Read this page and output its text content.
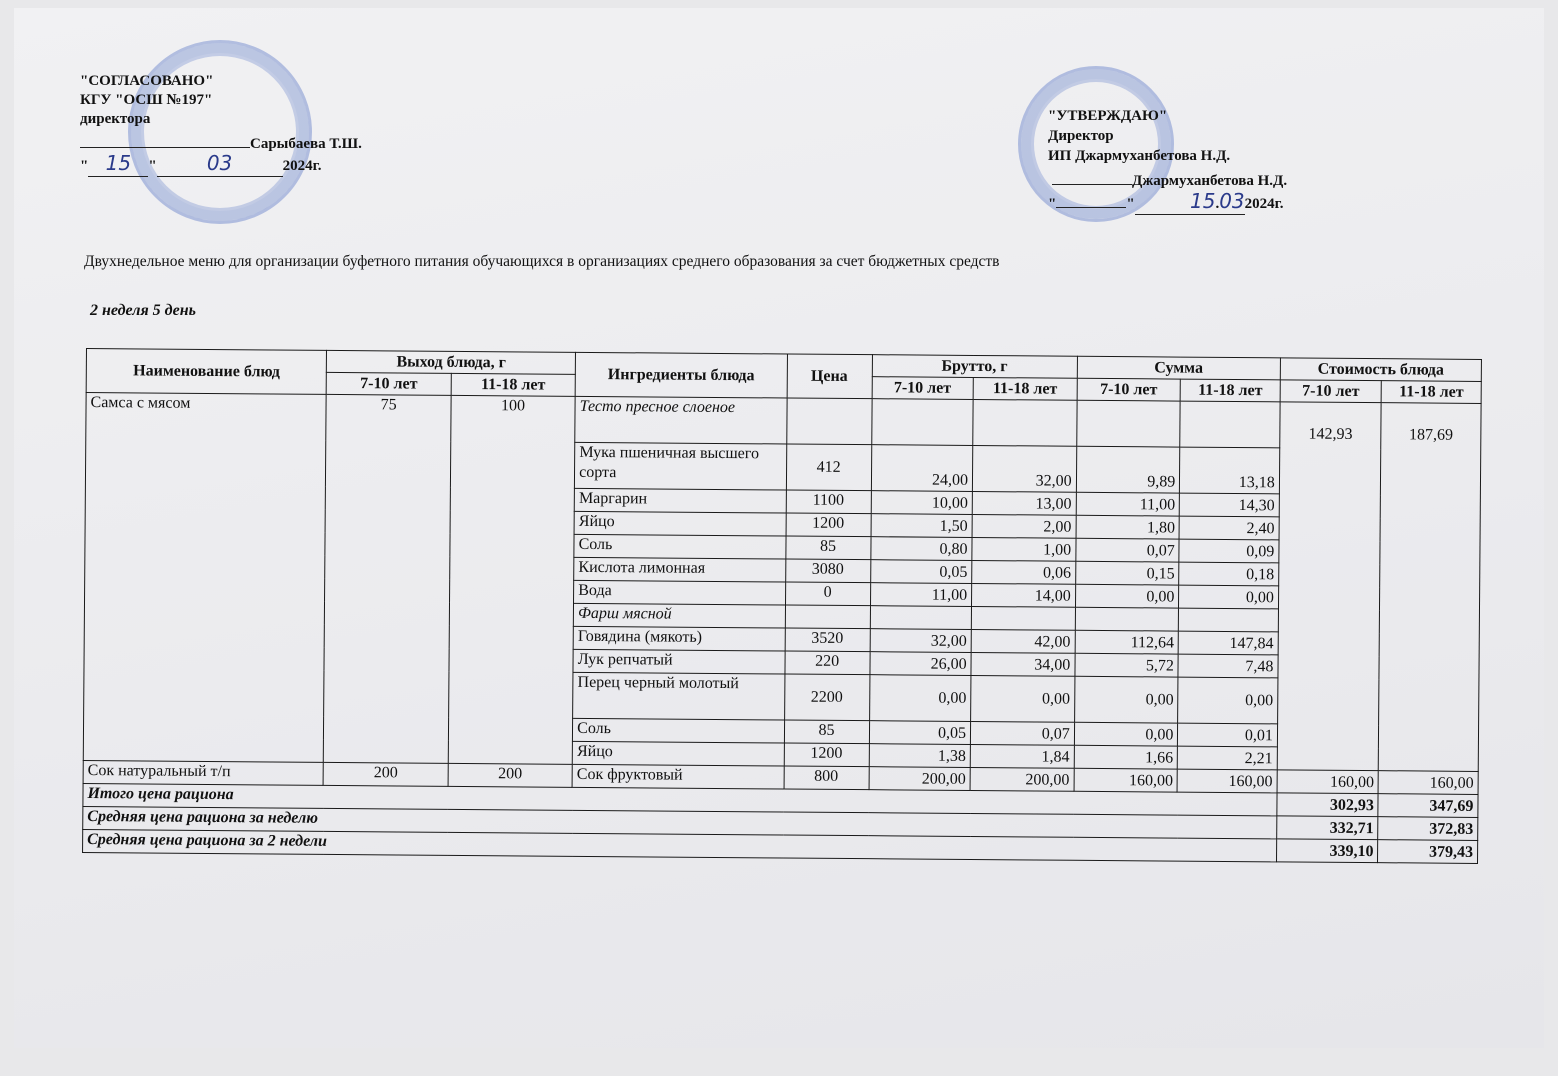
"СОГЛАСОВАНО"
КГУ "ОСШ №197"
директора
Сарыбаева Т.Ш.
" 15 "	03	2024г.
"УТВЕРЖДАЮ"
Директор
ИП Джармуханбетова Н.Д.
Джармуханбетова Н.Д.
"	"	15.032024г.
Двухнедельное меню для организации буфетного питания обучающихся в организациях среднего образования за счет бюджетных средств
2 неделя 5 день
Наименование блюд	Выход блюда, г		Ингредиенты блюда	Цена	Брутто, г		Сумма		Стоимость блюда	
	7-10 лет	11-18 лет			7-10 лет	11-18 лет	7-10 лет	11-18 лет	7-10 лет	11-18 лет
Самса с мясом	75	100	Тесто пресное слоеное						142,93	187,69
			Мука пшеничная высшего сорта	412	24,00	32,00	9,89	13,18		
			Маргарин	1100	10,00	13,00	11,00	14,30		
			Яйцо	1200	1,50	2,00	1,80	2,40		
			Соль	85	0,80	1,00	0,07	0,09		
			Кислота лимонная	3080	0,05	0,06	0,15	0,18		
			Вода	0	11,00	14,00	0,00	0,00		
			Фарш мясной							
			Говядина (мякоть)	3520	32,00	42,00	112,64	147,84		
			Лук репчатый	220	26,00	34,00	5,72	7,48		
			Перец черный молотый	2200	0,00	0,00	0,00	0,00		
			Соль	85	0,05	0,07	0,00	0,01		
			Яйцо	1200	1,38	1,84	1,66	2,21		
Сок натуральный т/п	200	200	Сок фруктовый	800	200,00	200,00	160,00	160,00	160,00	160,00
Итого цена рациона									302,93	347,69
Средняя цена рациона за неделю									332,71	372,83
Средняя цена рациона за 2 недели									339,10	379,43
